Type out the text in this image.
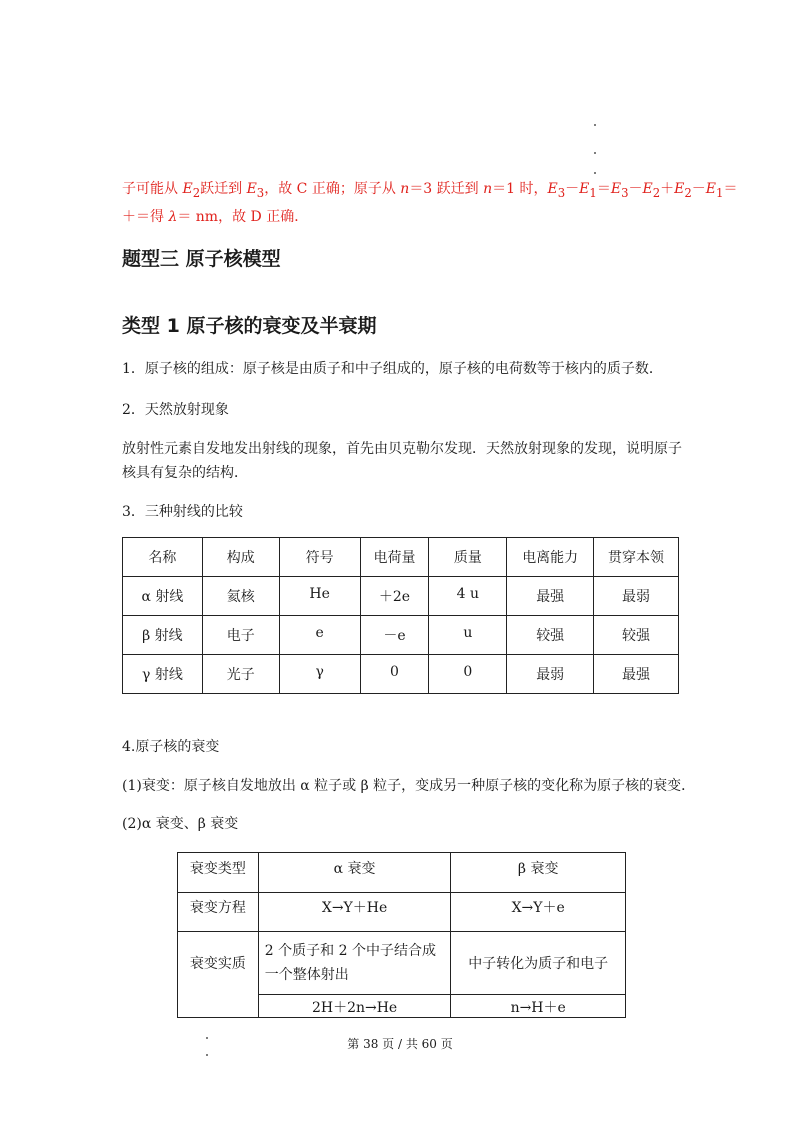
子可能从 $E_2$跃迁到 $E_3$，故 C 正确；原子从 n＝3 跃迁到 n＝1 时，$E_3-E_1=E_3-E_2+E_2-E_1=$
＋＝得 λ＝ nm，故 D 正确．
题型三 原子核模型
类型 1 原子核的衰变及半衰期
1．原子核的组成：原子核是由质子和中子组成的，原子核的电荷数等于核内的质子数．
2．天然放射现象
放射性元素自发地发出射线的现象，首先由贝克勒尔发现．天然放射现象的发现，说明原子核具有复杂的结构．
3．三种射线的比较
名称	构成	符号	电荷量	质量	电离能力	贯穿本领
α 射线	氦核	He	＋2e	4 u	最强	最弱
β 射线	电子	e	－e	u	较强	较强
γ 射线	光子	γ	0	0	最弱	最强
4.原子核的衰变
(1)衰变：原子核自发地放出 α 粒子或 β 粒子，变成另一种原子核的变化称为原子核的衰变．
(2)α 衰变、β 衰变
衰变类型	α 衰变	β 衰变
衰变方程	X→Y＋He	X→Y＋e
衰变实质	2 个质子和 2 个中子结合成一个整体射出	中子转化为质子和电子
	2H＋2n→He	n→H＋e
第 38 页 / 共 60 页
